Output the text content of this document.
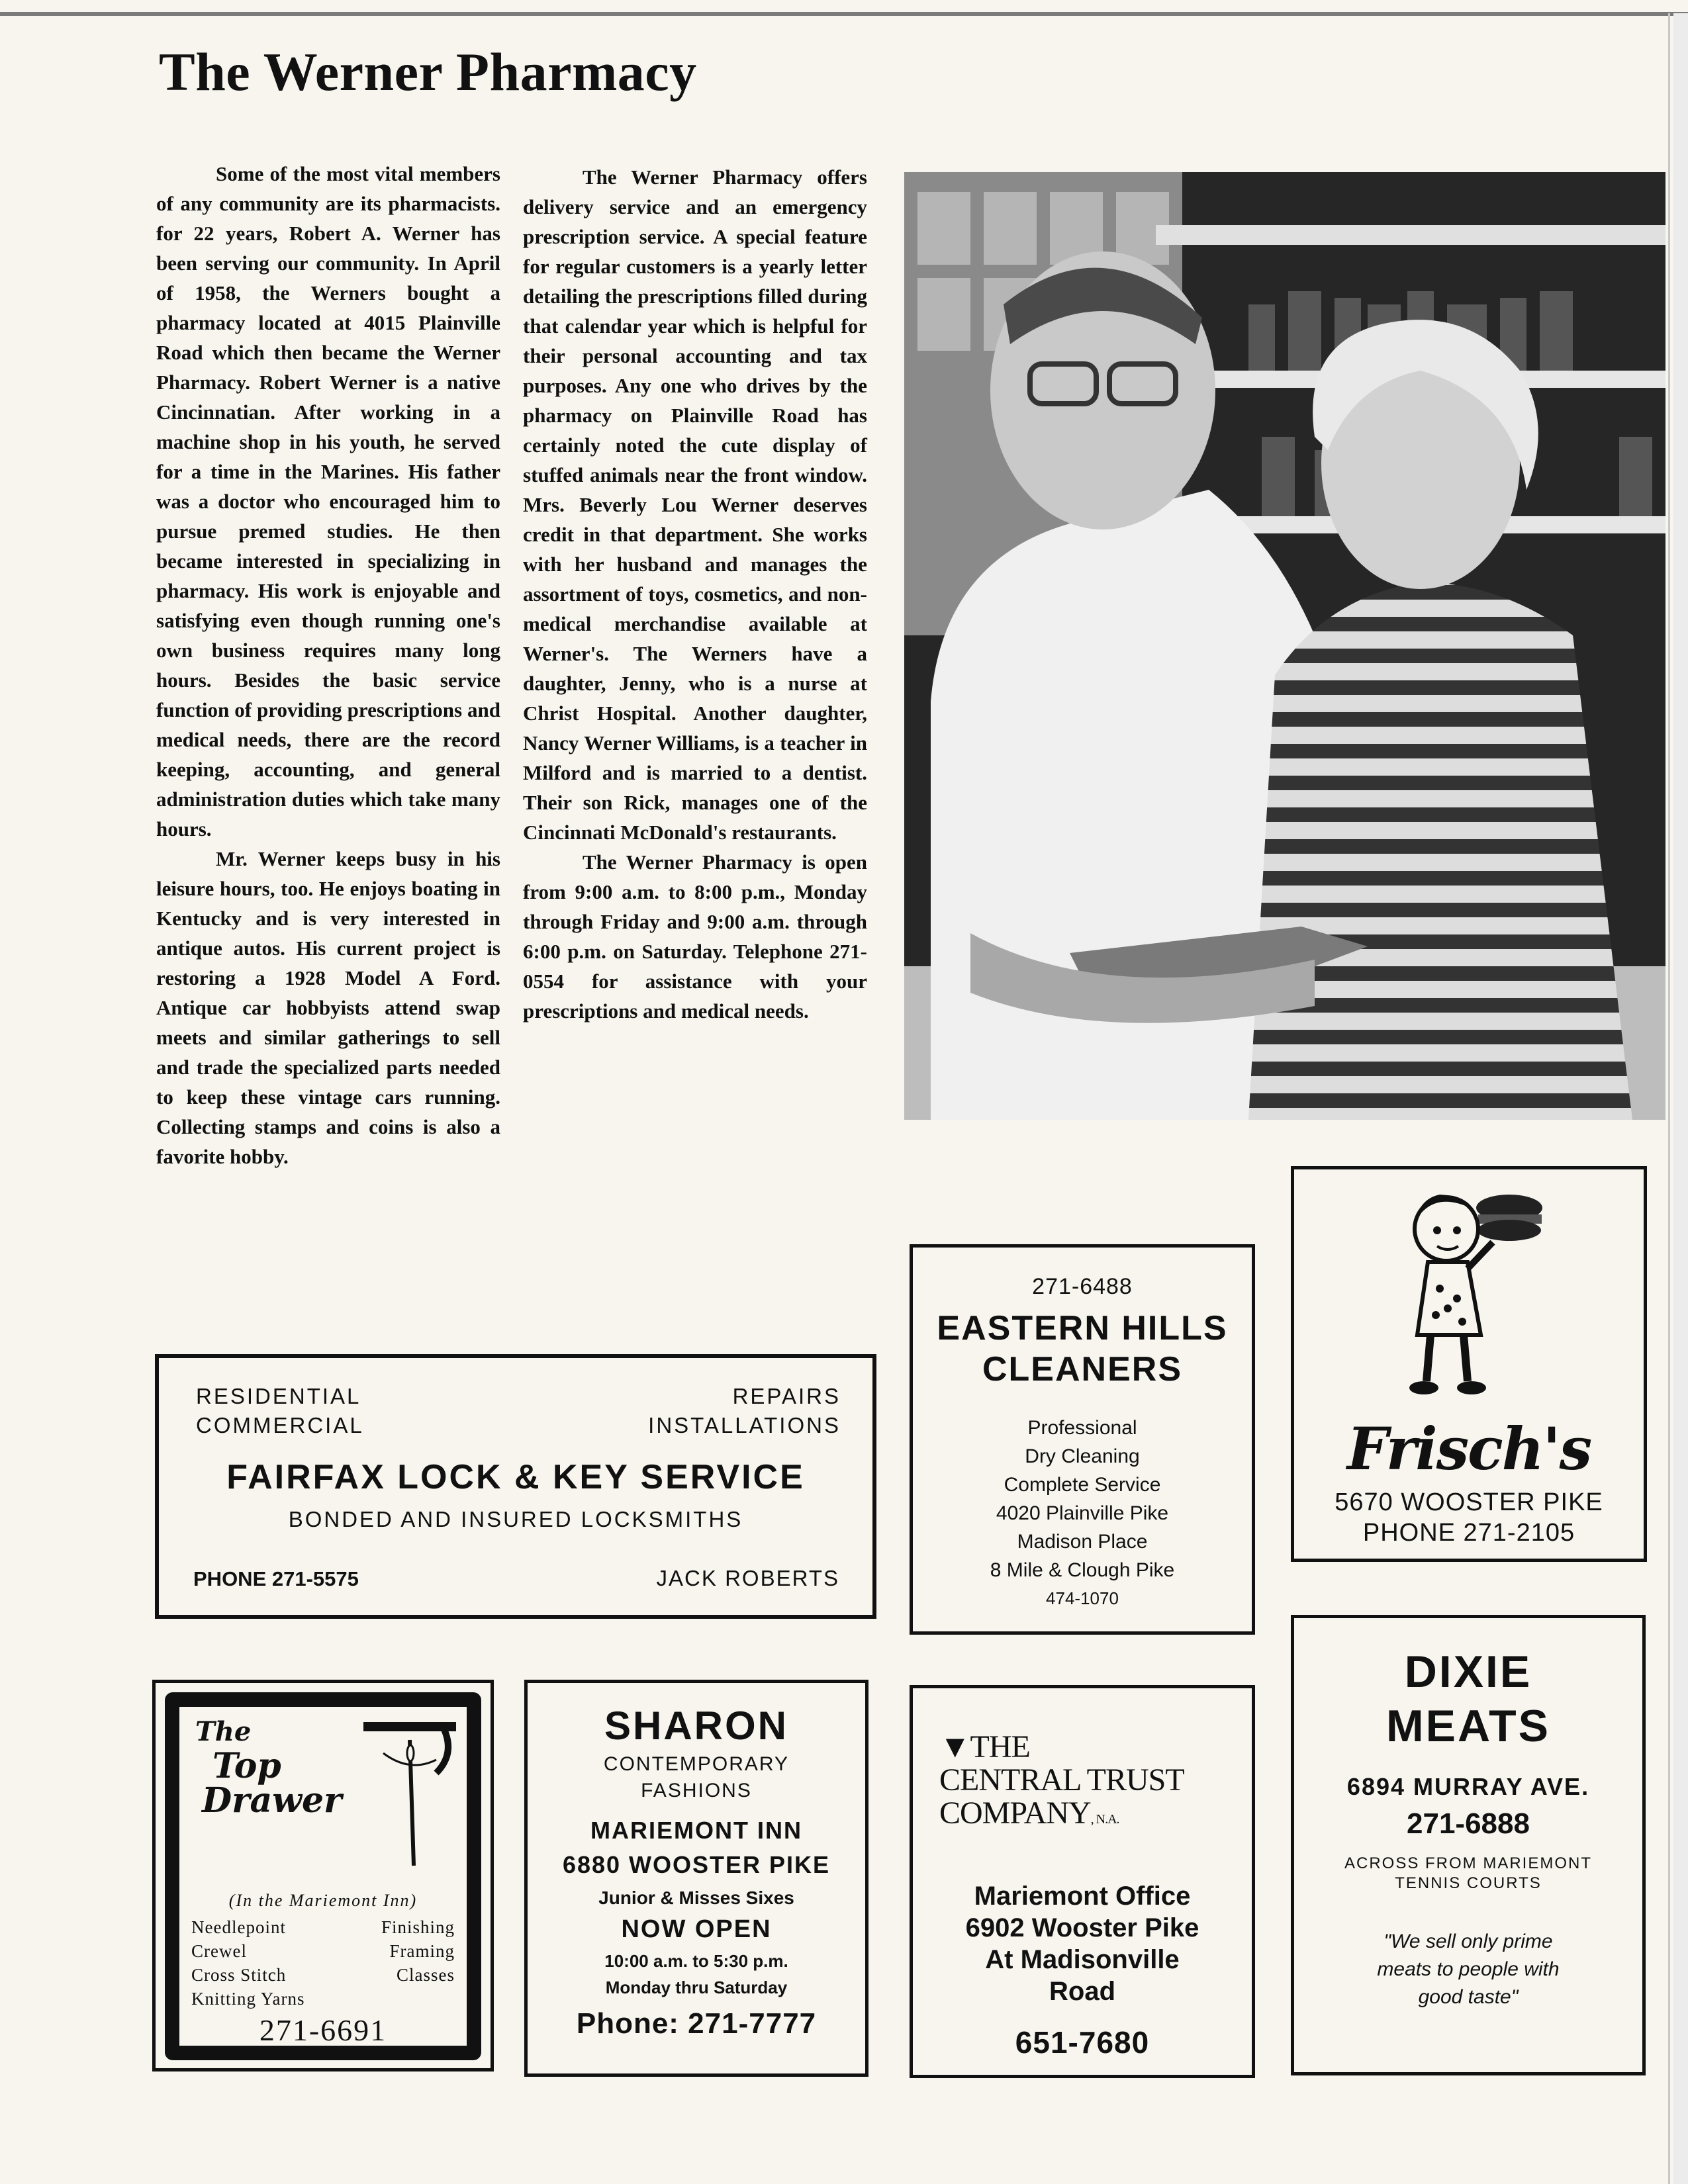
The Werner Pharmacy

Some of the most vital members of any community are its pharmacists. for 22 years, Robert A. Werner has been serving our community. In April of 1958, the Werners bought a pharmacy located at 4015 Plainville Road which then became the Werner Pharmacy. Robert Werner is a native Cincinnatian. After working in a machine shop in his youth, he served for a time in the Marines. His father was a doctor who encouraged him to pursue premed studies. He then became interested in specializing in pharmacy. His work is enjoyable and satisfying even though running one's own business requires many long hours. Besides the basic service function of providing prescriptions and medical needs, there are the record keeping, accounting, and general administration duties which take many hours.

Mr. Werner keeps busy in his leisure hours, too. He enjoys boating in Kentucky and is very interested in antique autos. His current project is restoring a 1928 Model A Ford. Antique car hobbyists attend swap meets and similar gatherings to sell and trade the specialized parts needed to keep these vintage cars running. Collecting stamps and coins is also a favorite hobby.

The Werner Pharmacy offers delivery service and an emergency prescription service. A special feature for regular customers is a yearly letter detailing the prescriptions filled during that calendar year which is helpful for their personal accounting and tax purposes. Any one who drives by the pharmacy on Plainville Road has certainly noted the cute display of stuffed animals near the front window. Mrs. Beverly Lou Werner deserves credit in that department. She works with her husband and manages the assortment of toys, cosmetics, and non-medical merchandise available at Werner's. The Werners have a daughter, Jenny, who is a nurse at Christ Hospital. Another daughter, Nancy Werner Williams, is a teacher in Milford and is married to a dentist. Their son Rick, manages one of the Cincinnati McDonald's restaurants.

The Werner Pharmacy is open from 9:00 a.m. to 8:00 p.m., Monday through Friday and 9:00 a.m. through 6:00 p.m. on Saturday. Telephone 271-0554 for assistance with your prescriptions and medical needs.

RESIDENTIAL
COMMERCIAL
REPAIRS
INSTALLATIONS
FAIRFAX LOCK & KEY SERVICE
BONDED AND INSURED LOCKSMITHS
PHONE 271-5575	JACK ROBERTS
271-6488
EASTERN HILLS
CLEANERS
Professional
Dry Cleaning
Complete Service
4020 Plainville Pike
Madison Place
8 Mile & Clough Pike
474-1070
Frisch's
5670 WOOSTER PIKE
PHONE 271-2105
The
Top
Drawer
(In the Mariemont Inn)
Needlepoint	Finishing
Crewel	Framing
Cross Stitch	Classes
Knitting Yarns
271-6691
SHARON
CONTEMPORARY
FASHIONS
MARIEMONT INN
6880 WOOSTER PIKE
Junior & Misses Sixes
NOW OPEN
10:00 a.m. to 5:30 p.m.
Monday thru Saturday
Phone: 271-7777
▼THE
CENTRAL TRUST
COMPANY, N.A.
Mariemont Office
6902 Wooster Pike
At Madisonville
Road
651-7680
DIXIE
MEATS
6894 MURRAY AVE.
271-6888
ACROSS FROM MARIEMONT
TENNIS COURTS
"We sell only prime
meats to people with
good taste"
